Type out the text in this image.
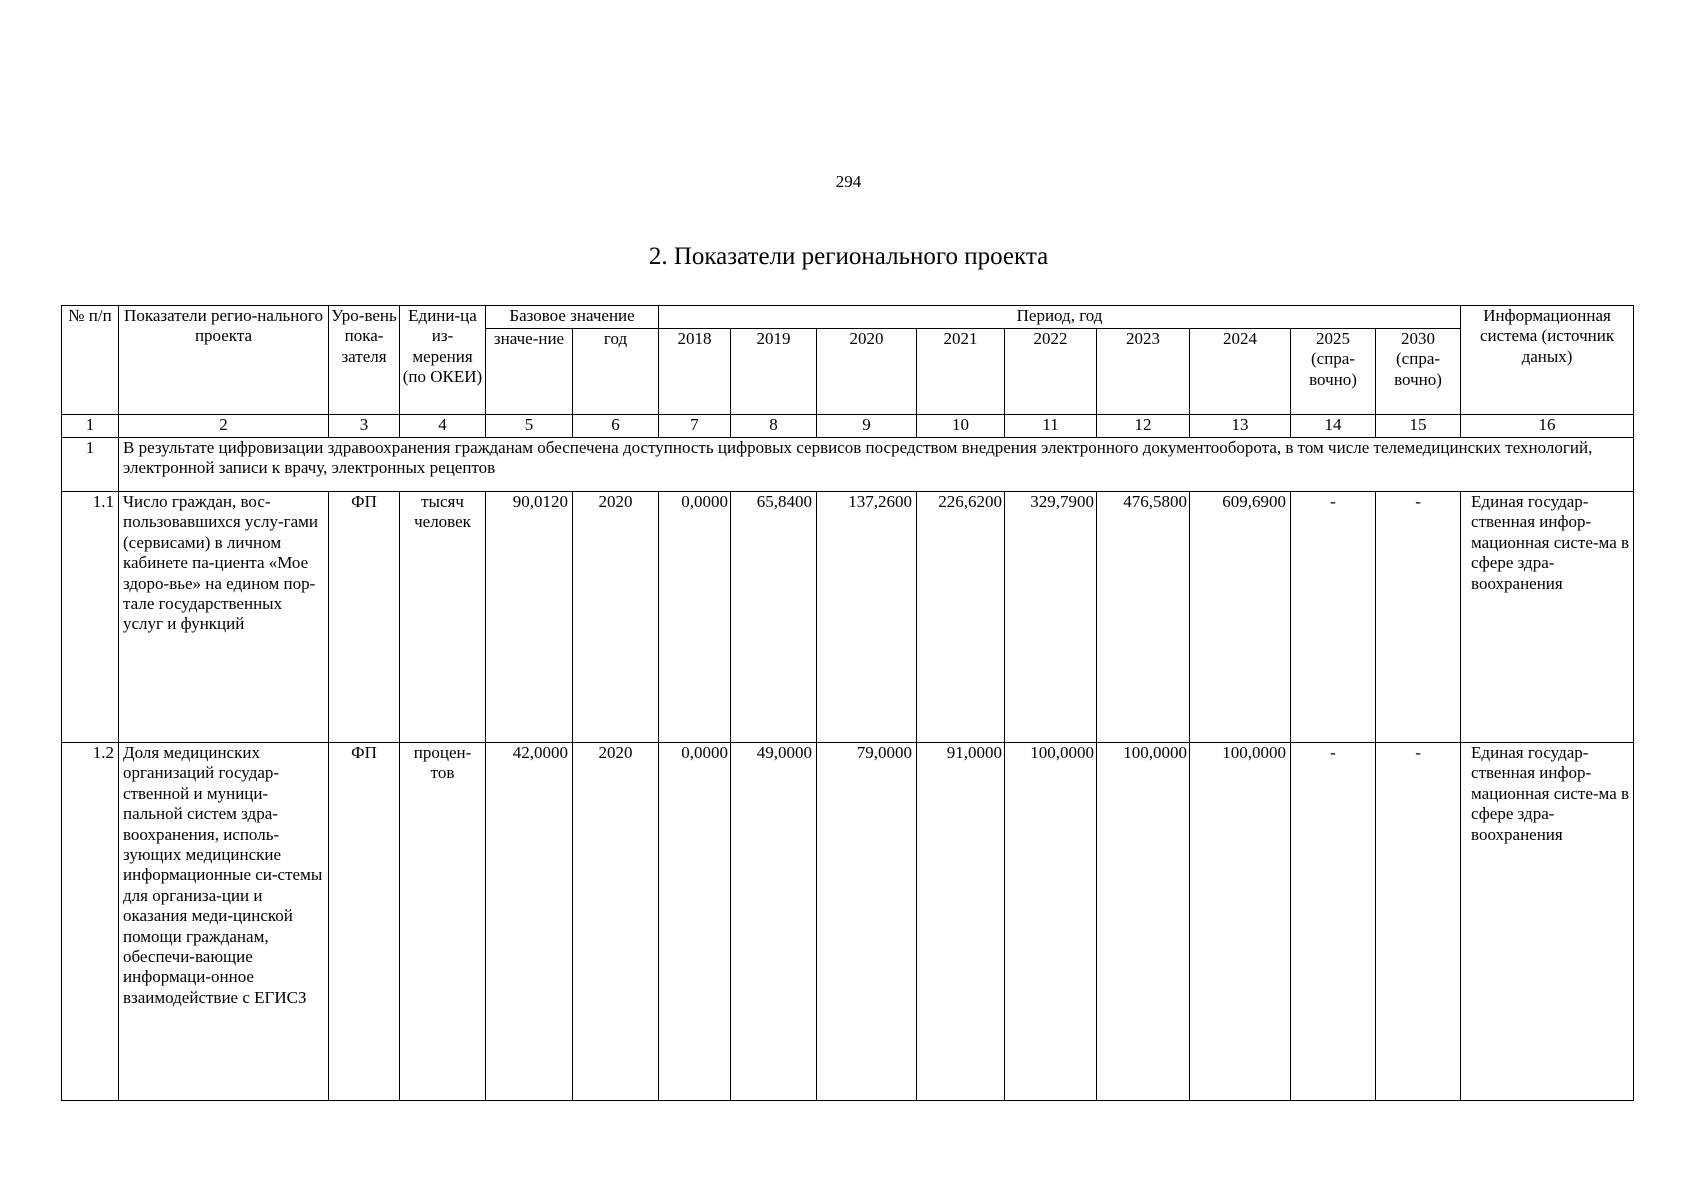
294
2. Показатели регионального проекта
№ п/п	Показатели регио-нального проекта	Уро-вень пока-зателя	Едини-ца из-мерения (по ОКЕИ)	Базовое значение		Период, год									Информационная система (источник даных)
				значе-ние	год	2018	2019	2020	2021	2022	2023	2024	2025 (спра-вочно)	2030 (спра-вочно)	
1	2	3	4	5	6	7	8	9	10	11	12	13	14	15	16
1	В результате цифровизации здравоохранения гражданам обеспечена доступность цифровых сервисов посредством внедрения электронного документооборота, в том числе телемедицинских технологий, электронной записи к врачу, электронных рецептов														
1.1	Число граждан, вос-пользовавшихся услу-гами (сервисами) в личном кабинете па-циента «Мое здоро-вье» на едином пор-тале государственных услуг и функций	ФП	тысяч человек	90,0120	2020	0,0000	65,8400	137,2600	226,6200	329,7900	476,5800	609,6900	-	-	Единая государ-ственная инфор-мационная систе-ма в сфере здра-воохранения
1.2	Доля медицинских организаций государ-ственной и муници-пальной систем здра-воохранения, исполь-зующих медицинские информационные си-стемы для организа-ции и оказания меди-цинской помощи гражданам, обеспечи-вающие информаци-онное взаимодействие с ЕГИСЗ	ФП	процен-тов	42,0000	2020	0,0000	49,0000	79,0000	91,0000	100,0000	100,0000	100,0000	-	-	Единая государ-ственная инфор-мационная систе-ма в сфере здра-воохранения
